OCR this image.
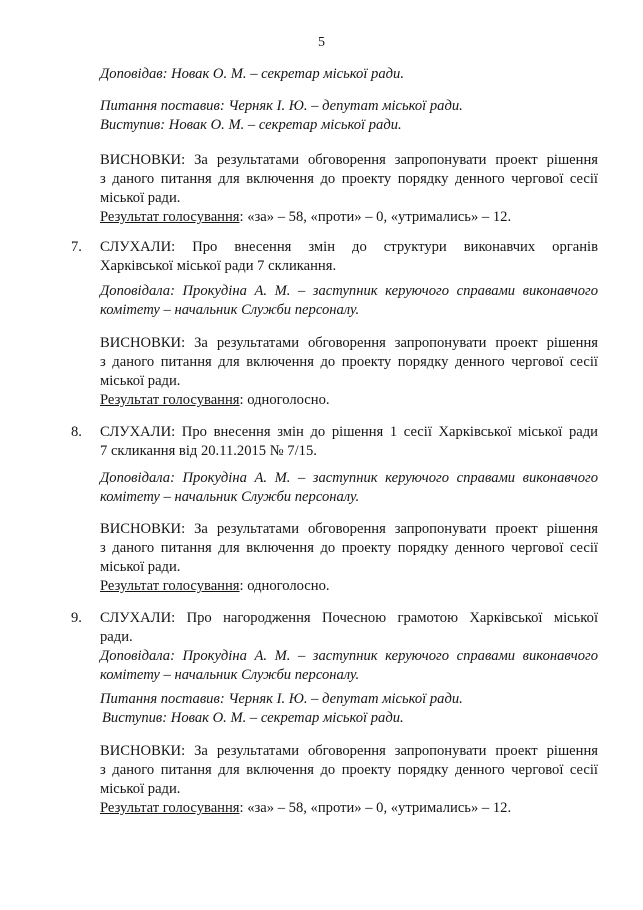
5
Доповідав: Новак О. М. – секретар міської ради.
Питання поставив: Черняк І. Ю. – депутат міської ради.
Виступив: Новак О. М. – секретар міської ради.
ВИСНОВКИ: За результатами обговорення запропонувати проект рішення
з даного питання для включення до проекту порядку денного чергової сесії
міської ради.
Результат голосування: «за» – 58, «проти» – 0, «утримались» – 12.
7. СЛУХАЛИ: Про внесення змін до структури виконавчих органів
Харківської міської ради 7 скликання.
Доповідала: Прокудіна А. М. – заступник керуючого справами виконавчого
комітету – начальник Служби персоналу.
ВИСНОВКИ: За результатами обговорення запропонувати проект рішення
з даного питання для включення до проекту порядку денного чергової сесії
міської ради.
Результат голосування: одноголосно.
8. СЛУХАЛИ: Про внесення змін до рішення 1 сесії Харківської міської ради
7 скликання від 20.11.2015 № 7/15.
Доповідала: Прокудіна А. М. – заступник керуючого справами виконавчого
комітету – начальник Служби персоналу.
ВИСНОВКИ: За результатами обговорення запропонувати проект рішення
з даного питання для включення до проекту порядку денного чергової сесії
міської ради.
Результат голосування: одноголосно.
9. СЛУХАЛИ: Про нагородження Почесною грамотою Харківської міської
ради.
Доповідала: Прокудіна А. М. – заступник керуючого справами виконавчого
комітету – начальник Служби персоналу.
Питання поставив: Черняк І. Ю. – депутат міської ради.
Виступив: Новак О. М. – секретар міської ради.
ВИСНОВКИ: За результатами обговорення запропонувати проект рішення
з даного питання для включення до проекту порядку денного чергової сесії
міської ради.
Результат голосування: «за» – 58, «проти» – 0, «утримались» – 12.
